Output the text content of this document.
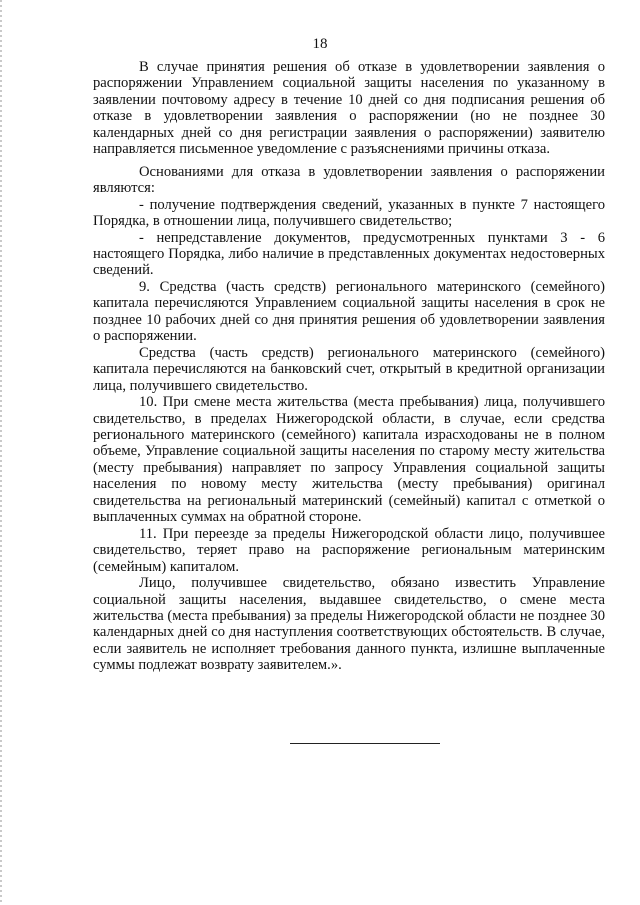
18

В случае принятия решения об отказе в удовлетворении заявления о распоряжении Управлением социальной защиты населения по указанному в заявлении почтовому адресу в течение 10 дней со дня подписания решения об отказе в удовлетворении заявления о распоряжении (но не позднее 30 календарных дней со дня регистрации заявления о распоряжении) заявителю направляется письменное уведомление с разъяснениями причины отказа.

Основаниями для отказа в удовлетворении заявления о распоряжении являются:

- получение подтверждения сведений, указанных в пункте 7 настоящего Порядка, в отношении лица, получившего свидетельство;

- непредставление документов, предусмотренных пунктами 3 - 6 настоящего Порядка, либо наличие в представленных документах недостоверных сведений.

9. Средства (часть средств) регионального материнского (семейного) капитала перечисляются Управлением социальной защиты населения в срок не позднее 10 рабочих дней со дня принятия решения об удовлетворении заявления о распоряжении.

Средства (часть средств) регионального материнского (семейного) капитала перечисляются на банковский счет, открытый в кредитной организации лица, получившего свидетельство.

10. При смене места жительства (места пребывания) лица, получившего свидетельство, в пределах Нижегородской области, в случае, если средства регионального материнского (семейного) капитала израсходованы не в полном объеме, Управление социальной защиты населения по старому месту жительства (месту пребывания) направляет по запросу Управления социальной защиты населения по новому месту жительства (месту пребывания) оригинал свидетельства на региональный материнский (семейный) капитал с отметкой о выплаченных суммах на обратной стороне.

11. При переезде за пределы Нижегородской области лицо, получившее свидетельство, теряет право на распоряжение региональным материнским (семейным) капиталом.

Лицо, получившее свидетельство, обязано известить Управление социальной защиты населения, выдавшее свидетельство, о смене места жительства (места пребывания) за пределы Нижегородской области не позднее 30 календарных дней со дня наступления соответствующих обстоятельств. В случае, если заявитель не исполняет требования данного пункта, излишне выплаченные суммы подлежат возврату заявителем.».
